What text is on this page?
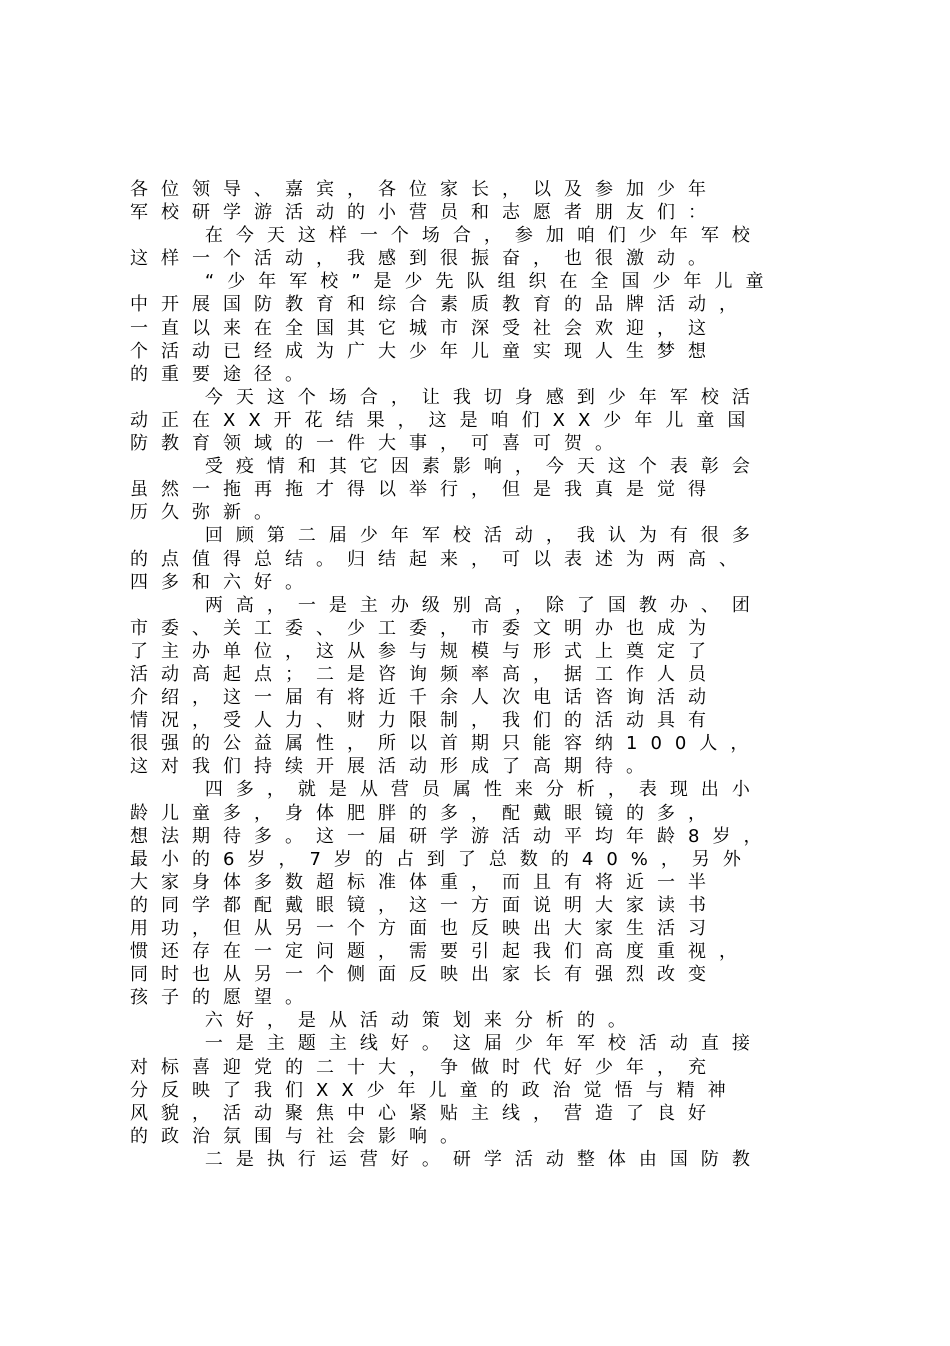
各位领导、嘉宾，各位家长，以及参加少年
军校研学游活动的小营员和志愿者朋友们：
在今天这样一个场合，参加咱们少年军校
这样一个活动，我感到很振奋，也很激动。
“少年军校”是少先队组织在全国少年儿童
中开展国防教育和综合素质教育的品牌活动，
一直以来在全国其它城市深受社会欢迎，这
个活动已经成为广大少年儿童实现人生梦想
的重要途径。
今天这个场合，让我切身感到少年军校活
动正在XX开花结果，这是咱们XX少年儿童国
防教育领域的一件大事，可喜可贺。
受疫情和其它因素影响，今天这个表彰会
虽然一拖再拖才得以举行，但是我真是觉得
历久弥新。
回顾第二届少年军校活动，我认为有很多
的点值得总结。归结起来，可以表述为两高、
四多和六好。
两高，一是主办级别高，除了国教办、团
市委、关工委、少工委，市委文明办也成为
了主办单位，这从参与规模与形式上奠定了
活动高起点；二是咨询频率高，据工作人员
介绍，这一届有将近千余人次电话咨询活动
情况，受人力、财力限制，我们的活动具有
很强的公益属性，所以首期只能容纳100人，
这对我们持续开展活动形成了高期待。
四多，就是从营员属性来分析，表现出小
龄儿童多，身体肥胖的多，配戴眼镜的多，
想法期待多。这一届研学游活动平均年龄8岁，
最小的6岁，7岁的占到了总数的40%，另外
大家身体多数超标准体重，而且有将近一半
的同学都配戴眼镜，这一方面说明大家读书
用功，但从另一个方面也反映出大家生活习
惯还存在一定问题，需要引起我们高度重视，
同时也从另一个侧面反映出家长有强烈改变
孩子的愿望。
六好，是从活动策划来分析的。
一是主题主线好。这届少年军校活动直接
对标喜迎党的二十大，争做时代好少年，充
分反映了我们XX少年儿童的政治觉悟与精神
风貌，活动聚焦中心紧贴主线，营造了良好
的政治氛围与社会影响。
二是执行运营好。研学活动整体由国防教
